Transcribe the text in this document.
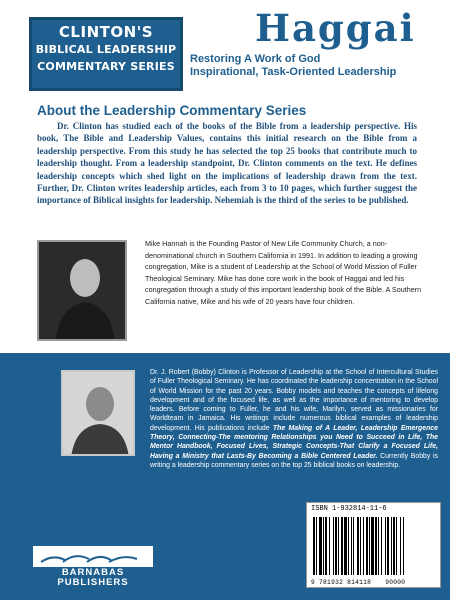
CLINTON'S
BIBLICAL LEADERSHIP
COMMENTARY SERIES
Haggai
Restoring A Work of God
Inspirational, Task-Oriented Leadership
About the Leadership Commentary Series

Dr. Clinton has studied each of the books of the Bible from a leadership perspective. His book, The Bible and Leadership Values, contains this initial research on the Bible from a leadership perspective. From this study he has selected the top 25 books that contribute much to leadership thought. From a leadership standpoint, Dr. Clinton comments on the text. He defines leadership concepts which shed light on the implications of leadership drawn from the text. Further, Dr. Clinton writes leadership articles, each from 3 to 10 pages, which further suggest the importance of Biblical insights for leadership. Nehemiah is the third of the series to be published.

Mike Hannah is the Founding Pastor of New Life Community Church, a non-denominational church in Southern California in 1991. In addition to leading a growing congregation, Mike is a student of Leadership at the School of World Mission of Fuller Theological Seminary. Mike has done core work in the book of Haggai and led his congregation through a study of this important leadership book of the Bible. A Southern California native, Mike and his wife of 20 years have four children.

Dr. J. Robert (Bobby) Clinton is Professor of Leadership at the School of Intercultural Studies of Fuller Theological Seminary. He has coordinated the leadership concentration in the School of World Mission for the past 20 years. Bobby models and teaches the concepts of lifelong development and of the focused life, as well as the importance of mentoring to develop leaders. Before coming to Fuller, he and his wife, Marilyn, served as missionaries for Worldteam in Jamaica. His writings include numerous biblical examples of leadership development. His publications include The Making of A Leader, Leadership Emergence Theory, Connecting-The mentoring Relationships you Need to Succeed in Life, The Mentor Handbook, Focused Lives, Strategic Concepts-That Clarify a Focused Life, Having a Ministry that Lasts-By Becoming a Bible Centered Leader. Currently Bobby is writing a leadership commentary series on the top 25 biblical books on leadership.

BARNABAS
PUBLISHERS
ISBN 1-932814-11-6
9 781932 814118 90000
